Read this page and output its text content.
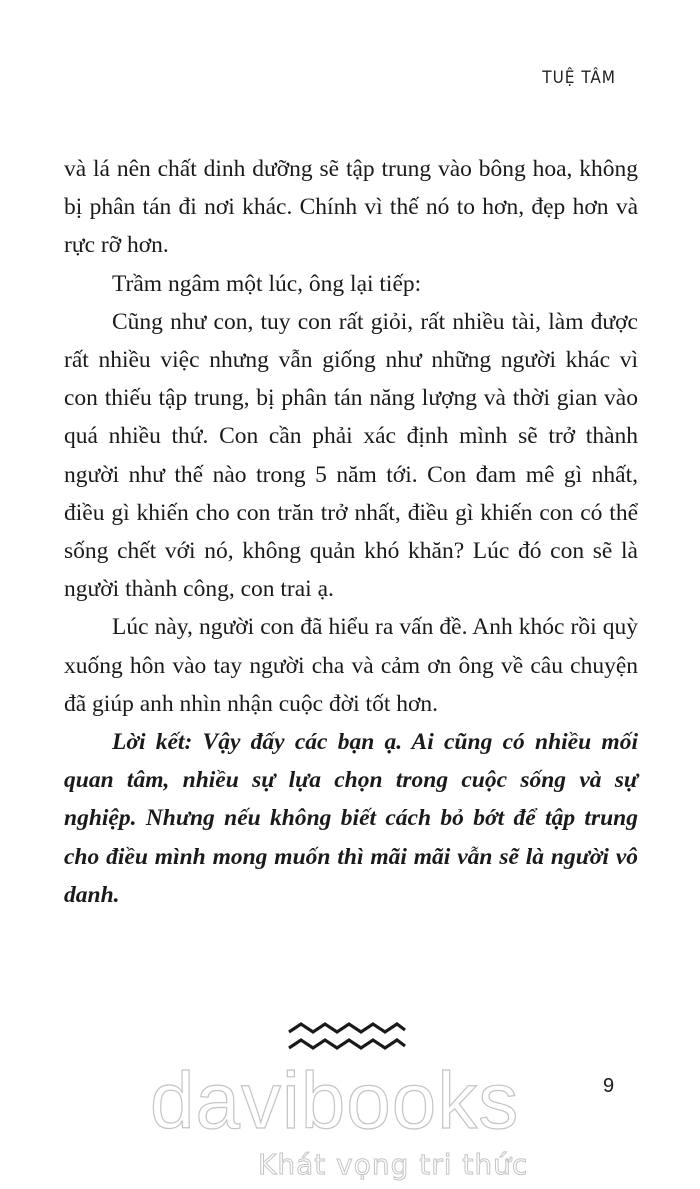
TUỆ TÂM

và lá nên chất dinh dưỡng sẽ tập trung vào bông hoa, không bị phân tán đi nơi khác. Chính vì thế nó to hơn, đẹp hơn và rực rỡ hơn.

Trầm ngâm một lúc, ông lại tiếp:

Cũng như con, tuy con rất giỏi, rất nhiều tài, làm được rất nhiều việc nhưng vẫn giống như những người khác vì con thiếu tập trung, bị phân tán năng lượng và thời gian vào quá nhiều thứ. Con cần phải xác định mình sẽ trở thành người như thế nào trong 5 năm tới. Con đam mê gì nhất, điều gì khiến cho con trăn trở nhất, điều gì khiến con có thể sống chết với nó, không quản khó khăn? Lúc đó con sẽ là người thành công, con trai ạ.

Lúc này, người con đã hiểu ra vấn đề. Anh khóc rồi quỳ xuống hôn vào tay người cha và cảm ơn ông về câu chuyện đã giúp anh nhìn nhận cuộc đời tốt hơn.

Lời kết: Vậy đấy các bạn ạ. Ai cũng có nhiều mối quan tâm, nhiều sự lựa chọn trong cuộc sống và sự nghiệp. Nhưng nếu không biết cách bỏ bớt để tập trung cho điều mình mong muốn thì mãi mãi vẫn sẽ là người vô danh.

davibooks
Khát vọng tri thức
9
